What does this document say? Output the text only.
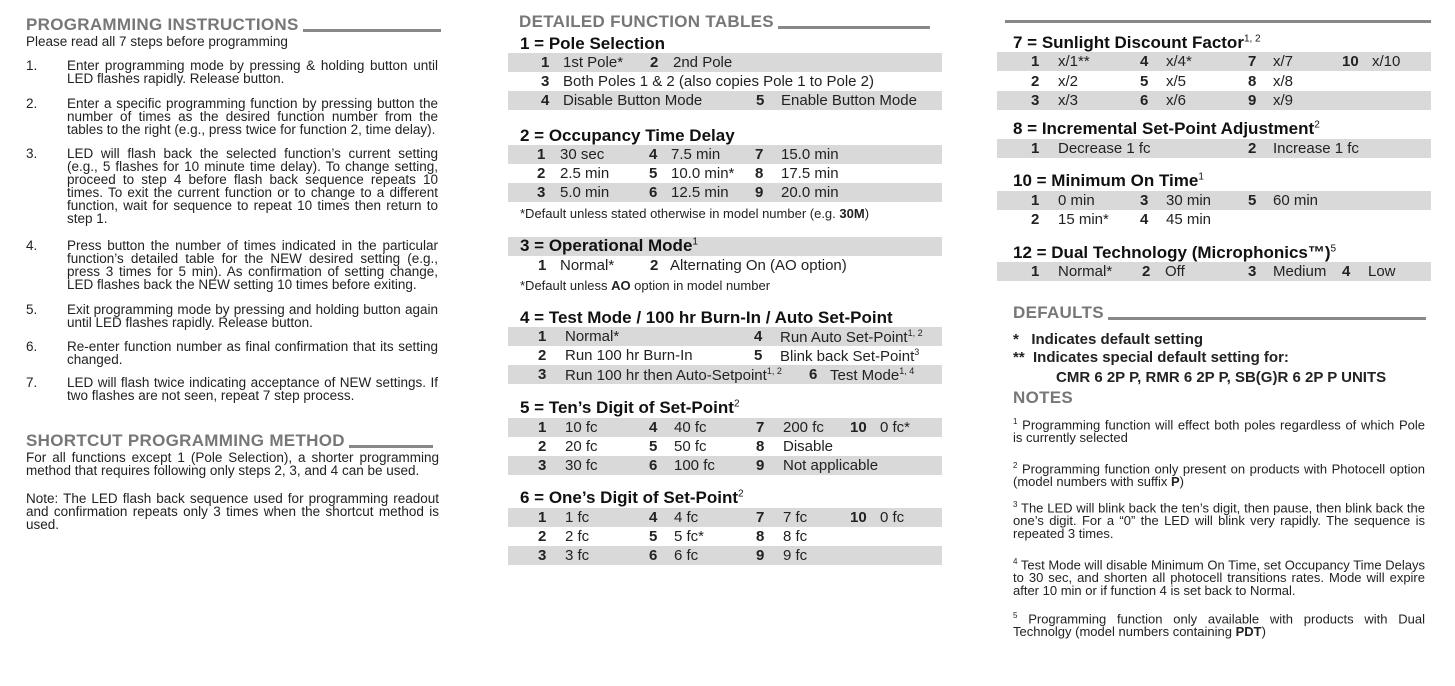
PROGRAMMING INSTRUCTIONS
Please read all 7 steps before programming
1. Enter programming mode by pressing & holding button until LED flashes rapidly. Release button.
2. Enter a specific programming function by pressing button the number of times as the desired function number from the tables to the right (e.g., press twice for function 2, time delay).
3. LED will flash back the selected function’s current setting (e.g., 5 flashes for 10 minute time delay). To change setting, proceed to step 4 before flash back sequence repeats 10 times. To exit the current function or to change to a different function, wait for sequence to repeat 10 times then return to step 1.
4. Press button the number of times indicated in the particular function’s detailed table for the NEW desired setting (e.g., press 3 times for 5 min). As confirmation of setting change, LED flashes back the NEW setting 10 times before exiting.
5. Exit programming mode by pressing and holding button again until LED flashes rapidly. Release button.
6. Re-enter function number as final confirmation that its setting changed.
7. LED will flash twice indicating acceptance of NEW settings. If two flashes are not seen, repeat 7 step process.
SHORTCUT PROGRAMMING METHOD
For all functions except 1 (Pole Selection), a shorter programming method that requires following only steps 2, 3, and 4 can be used.
Note: The LED flash back sequence used for programming readout and confirmation repeats only 3 times when the shortcut method is used.
DETAILED FUNCTION TABLES
1 = Pole Selection
1 1st Pole* 2 2nd Pole
3 Both Poles 1 & 2 (also copies Pole 1 to Pole 2)
4 Disable Button Mode	5 Enable Button Mode
2 = Occupancy Time Delay
1 30 sec	4 7.5 min 7 15.0 min
2 2.5 min	5 10.0 min* 8 17.5 min
3 5.0 min	6 12.5 min 9 20.0 min
*Default unless stated otherwise in model number (e.g. 30M)
3 = Operational Mode$^1$
1 Normal* 2 Alternating On (AO option)
*Default unless AO option in model number
4 = Test Mode / 100 hr Burn-In / Auto Set-Point
1 Normal*	4 Run Auto Set-Point$^{1, 2}$
2 Run 100 hr Burn-In	5 Blink back Set-Point$^3$
3 Run 100 hr then Auto-Setpoint$^{1, 2}$ 6 Test Mode$^{1, 4}$
5 = Ten’s Digit of Set-Point$^2$
1 10 fc	4 40 fc	7 200 fc 10 0 fc*
2 20 fc	5 50 fc	8 Disable
3 30 fc	6 100 fc	9 Not applicable
6 = One’s Digit of Set-Point$^2$
1 1 fc	4 4 fc	7 7 fc	10 0 fc
2 2 fc	5 5 fc*	8 8 fc
3 3 fc	6 6 fc	9 9 fc
7 = Sunlight Discount Factor$^{1, 2}$
1 x/1**	4 x/4*	7 x/7	10 x/10
2 x/2	5 x/5	8 x/8
3 x/3	6 x/6	9 x/9
8 = Incremental Set-Point Adjustment$^2$
1 Decrease 1 fc	2 Increase 1 fc
10 = Minimum On Time$^1$
1 0 min	3 30 min 5 60 min
2 15 min* 4 45 min
12 = Dual Technology (Microphonics™)$^5$
1 Normal* 2 Off	3 Medium 4 Low
DEFAULTS
*   Indicates default setting
**  Indicates special default setting for:
CMR 6 2P P, RMR 6 2P P, SB(G)R 6 2P P UNITS
NOTES
$^1$ Programming function will effect both poles regardless of which Pole is currently selected
$^2$ Programming function only present on products with Photocell option (model numbers with suffix P)
$^3$ The LED will blink back the ten’s digit, then pause, then blink back the one’s digit. For a “0” the LED will blink very rapidly. The sequence is repeated 3 times.
$^4$ Test Mode will disable Minimum On Time, set Occupancy Time Delays to 30 sec, and shorten all photocell transitions rates. Mode will expire after 10 min or if function 4 is set back to Normal.
$^5$ Programming function only available with products with Dual Technolgy (model numbers containing PDT)
